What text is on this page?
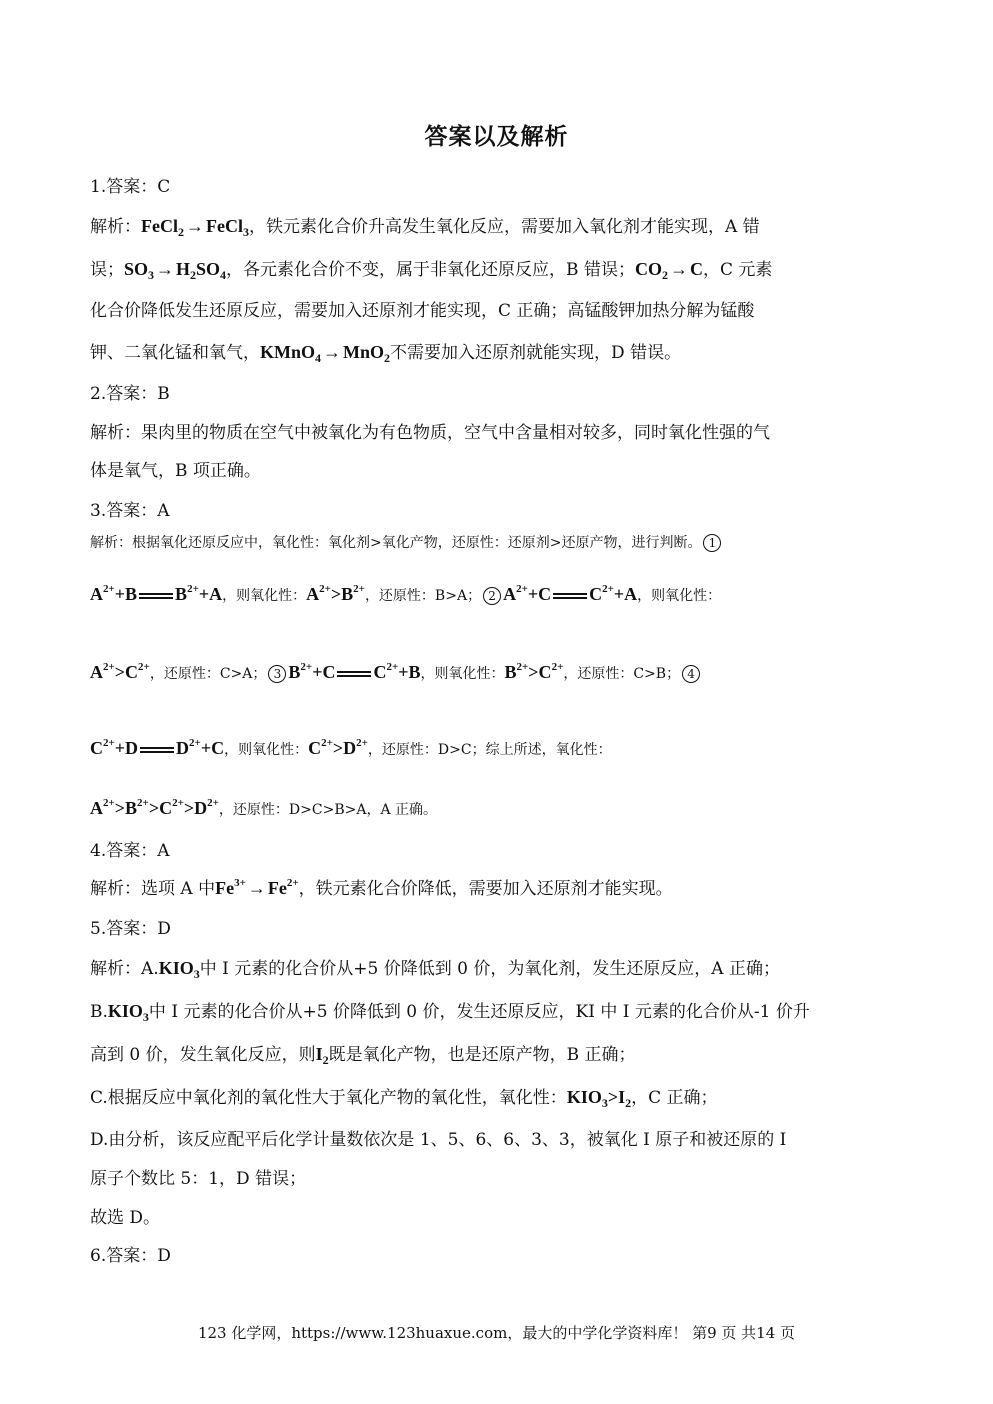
答案以及解析
1.答案：C
解析：FeCl$_2$ → FeCl$_3$，铁元素化合价升高发生氧化反应，需要加入氧化剂才能实现，A 错
误；$SO_3 \to H_2SO_4$，各元素化合价不变，属于非氧化还原反应，B 错误；$CO_2 \to C$，C 元素
化合价降低发生还原反应，需要加入还原剂才能实现，C 正确；高锰酸钾加热分解为锰酸
钾、二氧化锰和氧气，KMnO$_4$ → MnO$_2$不需要加入还原剂就能实现，D 错误。
2.答案：B
解析：果肉里的物质在空气中被氧化为有色物质，空气中含量相对较多，同时氧化性强的气
体是氧气，B 项正确。
3.答案：A
解析：根据氧化还原反应中，氧化性：氧化剂>氧化产物，还原性：还原剂>还原产物，进行判断。 1
$A^{2+}+B$ $B^{2+}+A$，则氧化性：$A^{2+}>B^{2+}$，还原性：B>A； 2 $A^{2+}+C$ $C^{2+}+A$，则氧化性：
$A^{2+}>C^{2+}$，还原性：C>A； 3 $B^{2+}+C$ $C^{2+}+B$，则氧化性：$B^{2+}>C^{2+}$，还原性：C>B； 4
$C^{2+}+D$ $D^{2+}+C$，则氧化性：$C^{2+}>D^{2+}$，还原性：D>C；综上所述，氧化性：
$A^{2+}>B^{2+}>C^{2+}>D^{2+}$，还原性：D>C>B>A，A 正确。
4.答案：A
解析：选项 A 中$Fe^{3+} \to Fe^{2+}$，铁元素化合价降低，需要加入还原剂才能实现。
5.答案：D
解析：$A.KIO_3$中 I 元素的化合价从+5 价降低到 0 价，为氧化剂，发生还原反应，A 正确；
$B.KIO_3$中 I 元素的化合价从+5 价降低到 0 价，发生还原反应，KI 中 I 元素的化合价从-1 价升
高到 0 价，发生氧化反应，则$I_2$既是氧化产物，也是还原产物，B 正确；
C.根据反应中氧化剂的氧化性大于氧化产物的氧化性，氧化性：$KIO_3>I_2$，C 正确；
D.由分析，该反应配平后化学计量数依次是 1、5、6、6、3、3，被氧化 I 原子和被还原的 I
原子个数比 5：1，D 错误；
故选 D。
6.答案：D
123 化学网，https://www.123huaxue.com，最大的中学化学资料库！ 第9 页 共14 页
